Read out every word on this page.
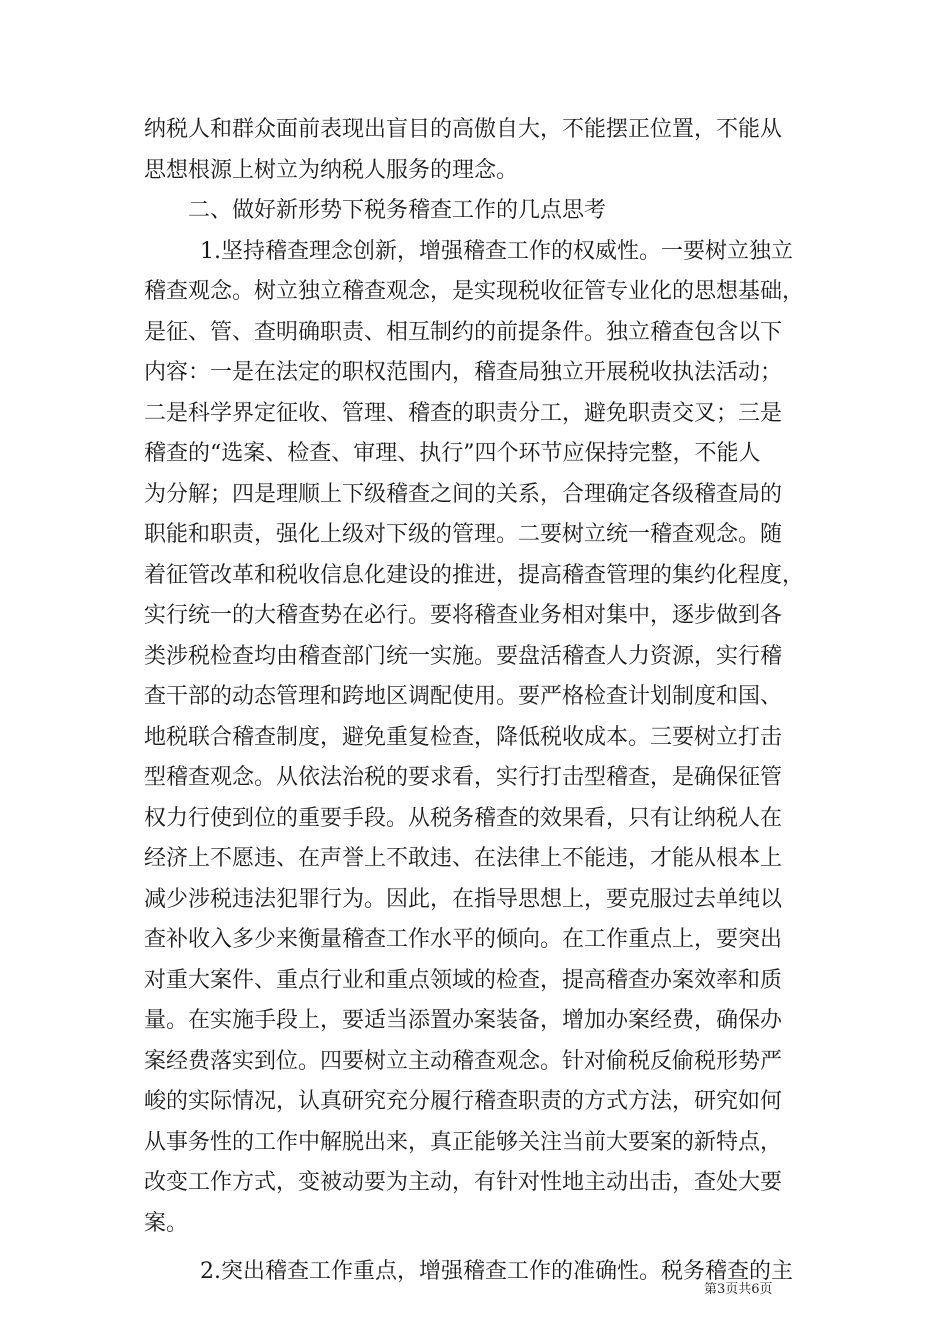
纳税人和群众面前表现出盲目的高傲自大，不能摆正位置，不能从
思想根源上树立为纳税人服务的理念。
二、做好新形势下税务稽查工作的几点思考
1.坚持稽查理念创新，增强稽查工作的权威性。一要树立独立
稽查观念。树立独立稽查观念，是实现税收征管专业化的思想基础，
是征、管、查明确职责、相互制约的前提条件。独立稽查包含以下
内容：一是在法定的职权范围内，稽查局独立开展税收执法活动；
二是科学界定征收、管理、稽查的职责分工，避免职责交叉；三是
稽查的“选案、检查、审理、执行”四个环节应保持完整，不能人
为分解；四是理顺上下级稽查之间的关系，合理确定各级稽查局的
职能和职责，强化上级对下级的管理。二要树立统一稽查观念。随
着征管改革和税收信息化建设的推进，提高稽查管理的集约化程度，
实行统一的大稽查势在必行。要将稽查业务相对集中，逐步做到各
类涉税检查均由稽查部门统一实施。要盘活稽查人力资源，实行稽
查干部的动态管理和跨地区调配使用。要严格检查计划制度和国、
地税联合稽查制度，避免重复检查，降低税收成本。三要树立打击
型稽查观念。从依法治税的要求看，实行打击型稽查，是确保征管
权力行使到位的重要手段。从税务稽查的效果看，只有让纳税人在
经济上不愿违、在声誉上不敢违、在法律上不能违，才能从根本上
减少涉税违法犯罪行为。因此，在指导思想上，要克服过去单纯以
查补收入多少来衡量稽查工作水平的倾向。在工作重点上，要突出
对重大案件、重点行业和重点领域的检查，提高稽查办案效率和质
量。在实施手段上，要适当添置办案装备，增加办案经费，确保办
案经费落实到位。四要树立主动稽查观念。针对偷税反偷税形势严
峻的实际情况，认真研究充分履行稽查职责的方式方法，研究如何
从事务性的工作中解脱出来，真正能够关注当前大要案的新特点，
改变工作方式，变被动要为主动，有针对性地主动出击，查处大要
案。
2.突出稽查工作重点，增强稽查工作的准确性。税务稽查的主
第3页共6页
